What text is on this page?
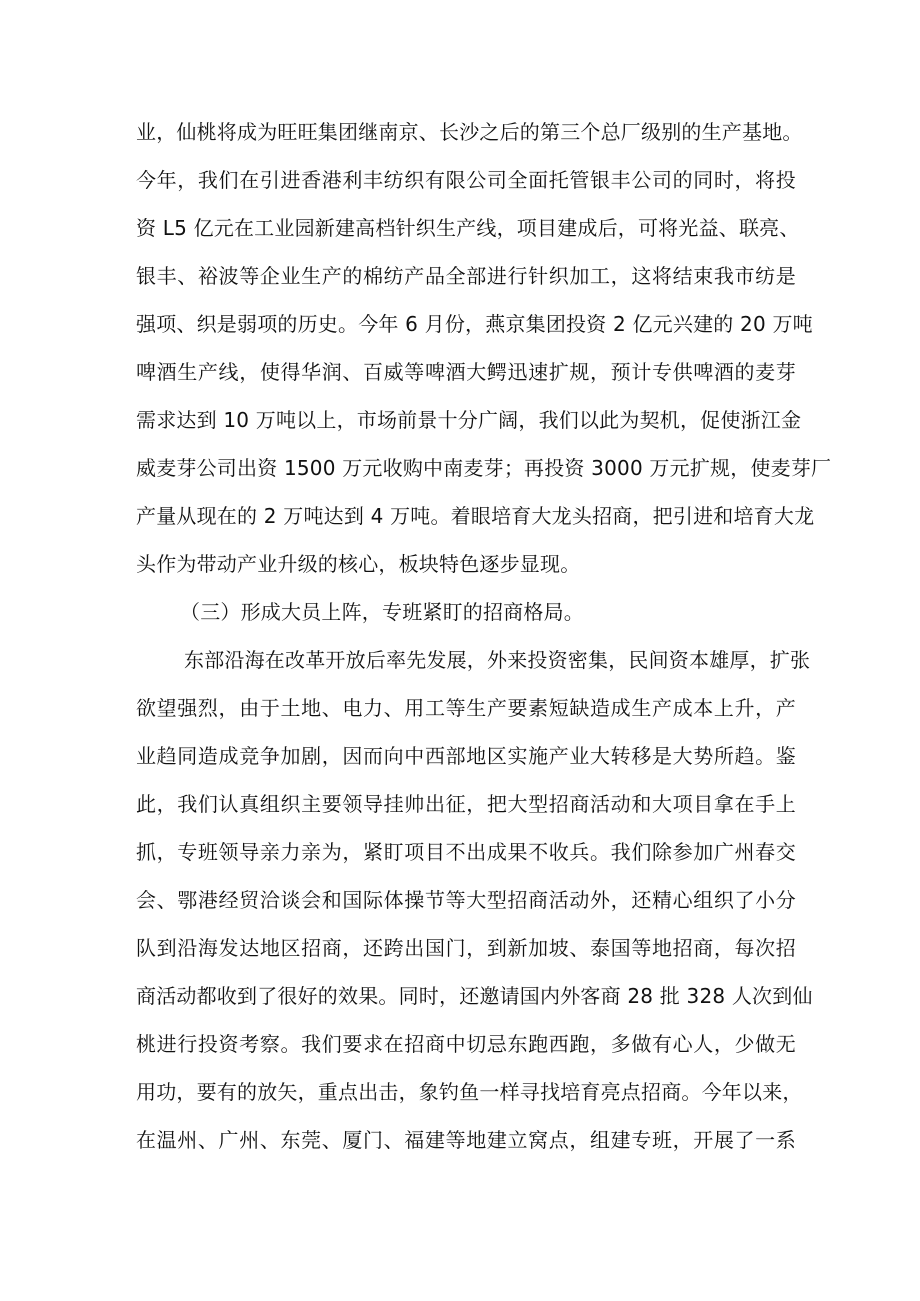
业，仙桃将成为旺旺集团继南京、长沙之后的第三个总厂级别的生产基地。
今年，我们在引进香港利丰纺织有限公司全面托管银丰公司的同时，将投
资 L5 亿元在工业园新建高档针织生产线，项目建成后，可将光益、联亮、
银丰、裕波等企业生产的棉纺产品全部进行针织加工，这将结束我市纺是
强项、织是弱项的历史。今年 6 月份，燕京集团投资 2 亿元兴建的 20 万吨
啤酒生产线，使得华润、百威等啤酒大鳄迅速扩规，预计专供啤酒的麦芽
需求达到 10 万吨以上，市场前景十分广阔，我们以此为契机，促使浙江金
威麦芽公司出资 1500 万元收购中南麦芽；再投资 3000 万元扩规，使麦芽厂
产量从现在的 2 万吨达到 4 万吨。着眼培育大龙头招商，把引进和培育大龙
头作为带动产业升级的核心，板块特色逐步显现。
（三）形成大员上阵，专班紧盯的招商格局。
东部沿海在改革开放后率先发展，外来投资密集，民间资本雄厚，扩张
欲望强烈，由于土地、电力、用工等生产要素短缺造成生产成本上升，产
业趋同造成竞争加剧，因而向中西部地区实施产业大转移是大势所趋。鉴
此，我们认真组织主要领导挂帅出征，把大型招商活动和大项目拿在手上
抓，专班领导亲力亲为，紧盯项目不出成果不收兵。我们除参加广州春交
会、鄂港经贸洽谈会和国际体操节等大型招商活动外，还精心组织了小分
队到沿海发达地区招商，还跨出国门，到新加坡、泰国等地招商，每次招
商活动都收到了很好的效果。同时，还邀请国内外客商 28 批 328 人次到仙
桃进行投资考察。我们要求在招商中切忌东跑西跑，多做有心人，少做无
用功，要有的放矢，重点出击，象钓鱼一样寻找培育亮点招商。今年以来，
在温州、广州、东莞、厦门、福建等地建立窝点，组建专班，开展了一系
